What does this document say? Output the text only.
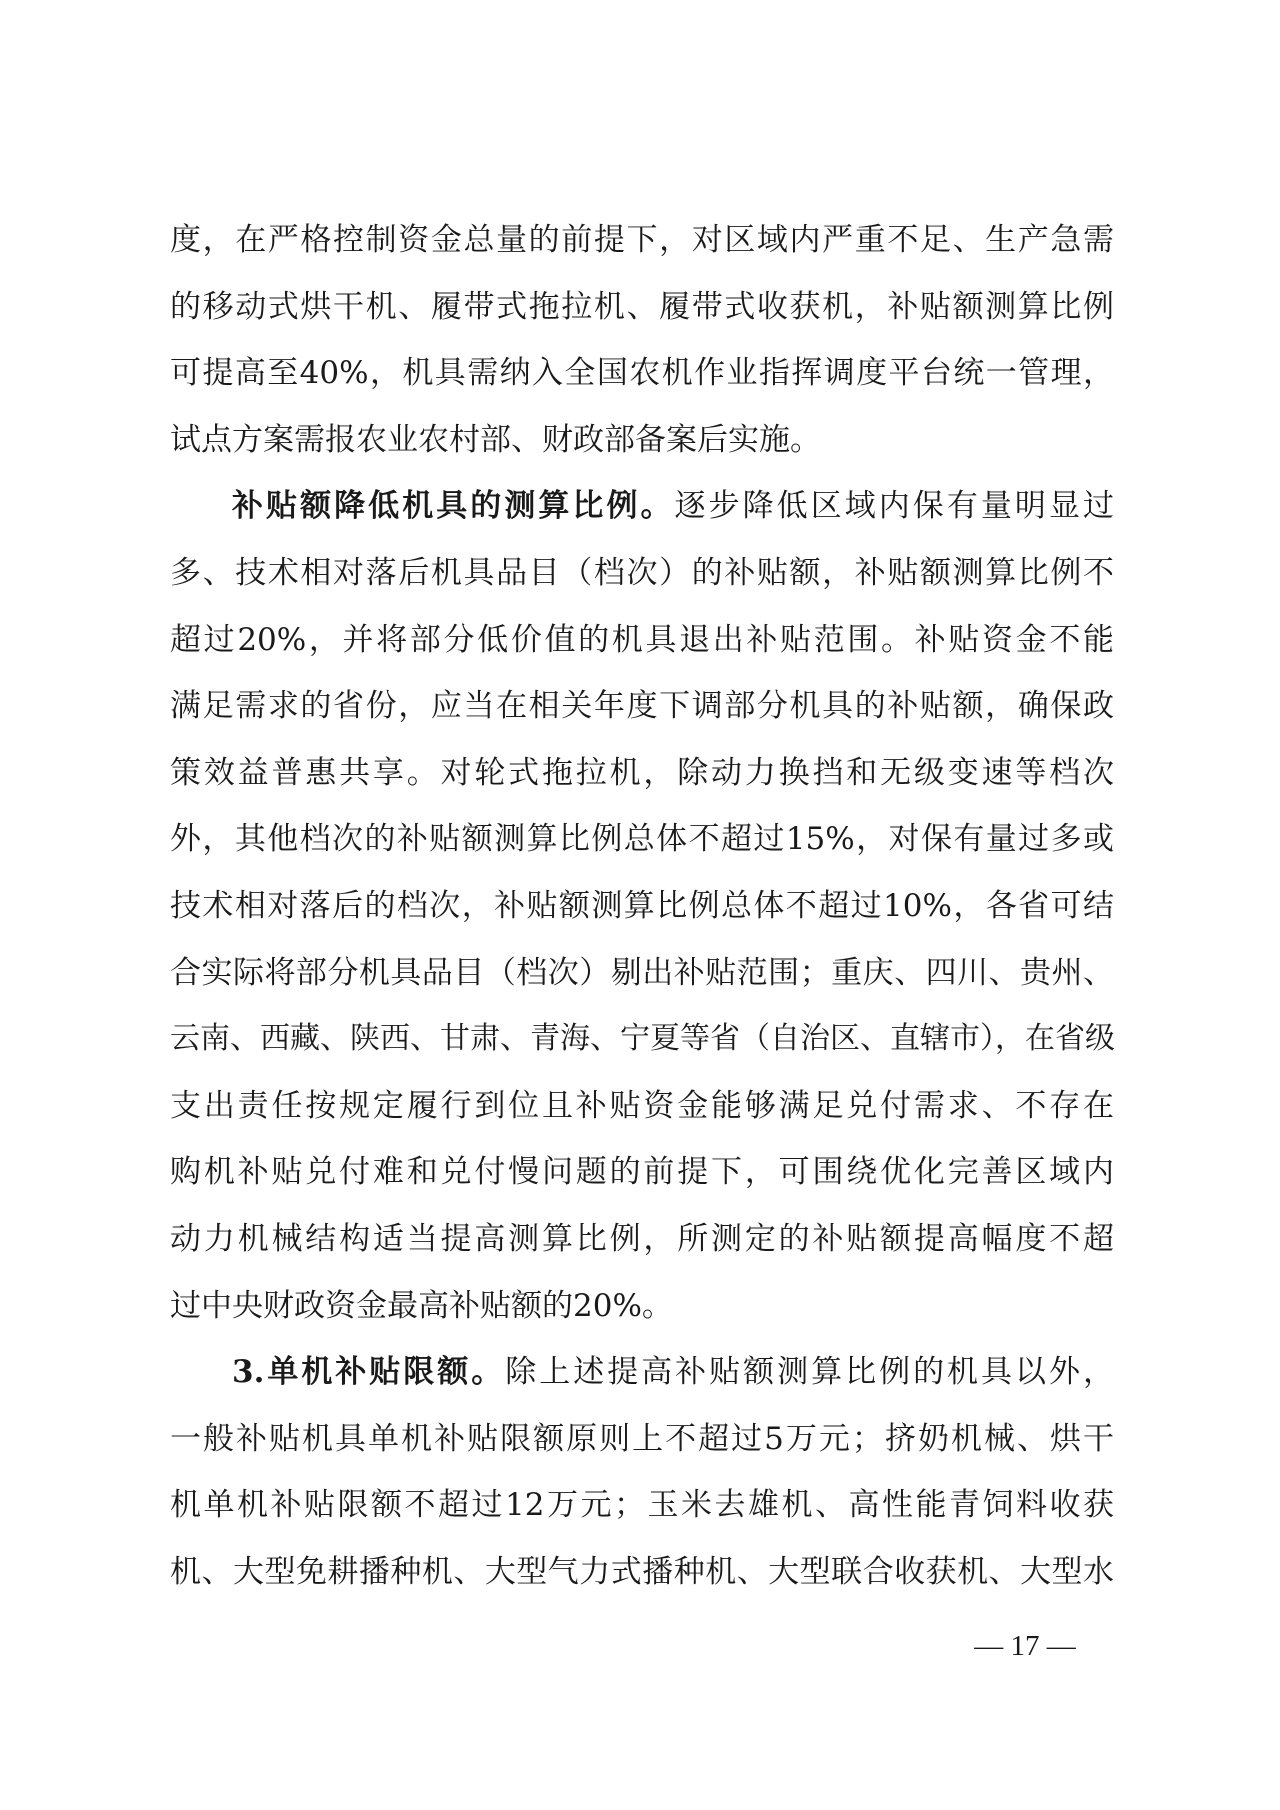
度，在严格控制资金总量的前提下，对区域内严重不足、生产急需
的移动式烘干机、履带式拖拉机、履带式收获机，补贴额测算比例
可提高至40%，机具需纳入全国农机作业指挥调度平台统一管理，
试点方案需报农业农村部、财政部备案后实施。
补贴额降低机具的测算比例。逐步降低区域内保有量明显过
多、技术相对落后机具品目（档次）的补贴额，补贴额测算比例不
超过20%，并将部分低价值的机具退出补贴范围。补贴资金不能
满足需求的省份，应当在相关年度下调部分机具的补贴额，确保政
策效益普惠共享。对轮式拖拉机，除动力换挡和无级变速等档次
外，其他档次的补贴额测算比例总体不超过15%，对保有量过多或
技术相对落后的档次，补贴额测算比例总体不超过10%，各省可结
合实际将部分机具品目（档次）剔出补贴范围；重庆、四川、贵州、
云南、西藏、陕西、甘肃、青海、宁夏等省（自治区、直辖市），在省级
支出责任按规定履行到位且补贴资金能够满足兑付需求、不存在
购机补贴兑付难和兑付慢问题的前提下，可围绕优化完善区域内
动力机械结构适当提高测算比例，所测定的补贴额提高幅度不超
过中央财政资金最高补贴额的20%。
3.单机补贴限额。除上述提高补贴额测算比例的机具以外，
一般补贴机具单机补贴限额原则上不超过5万元；挤奶机械、烘干
机单机补贴限额不超过12万元；玉米去雄机、高性能青饲料收获
机、大型免耕播种机、大型气力式播种机、大型联合收获机、大型水
— 17 —
